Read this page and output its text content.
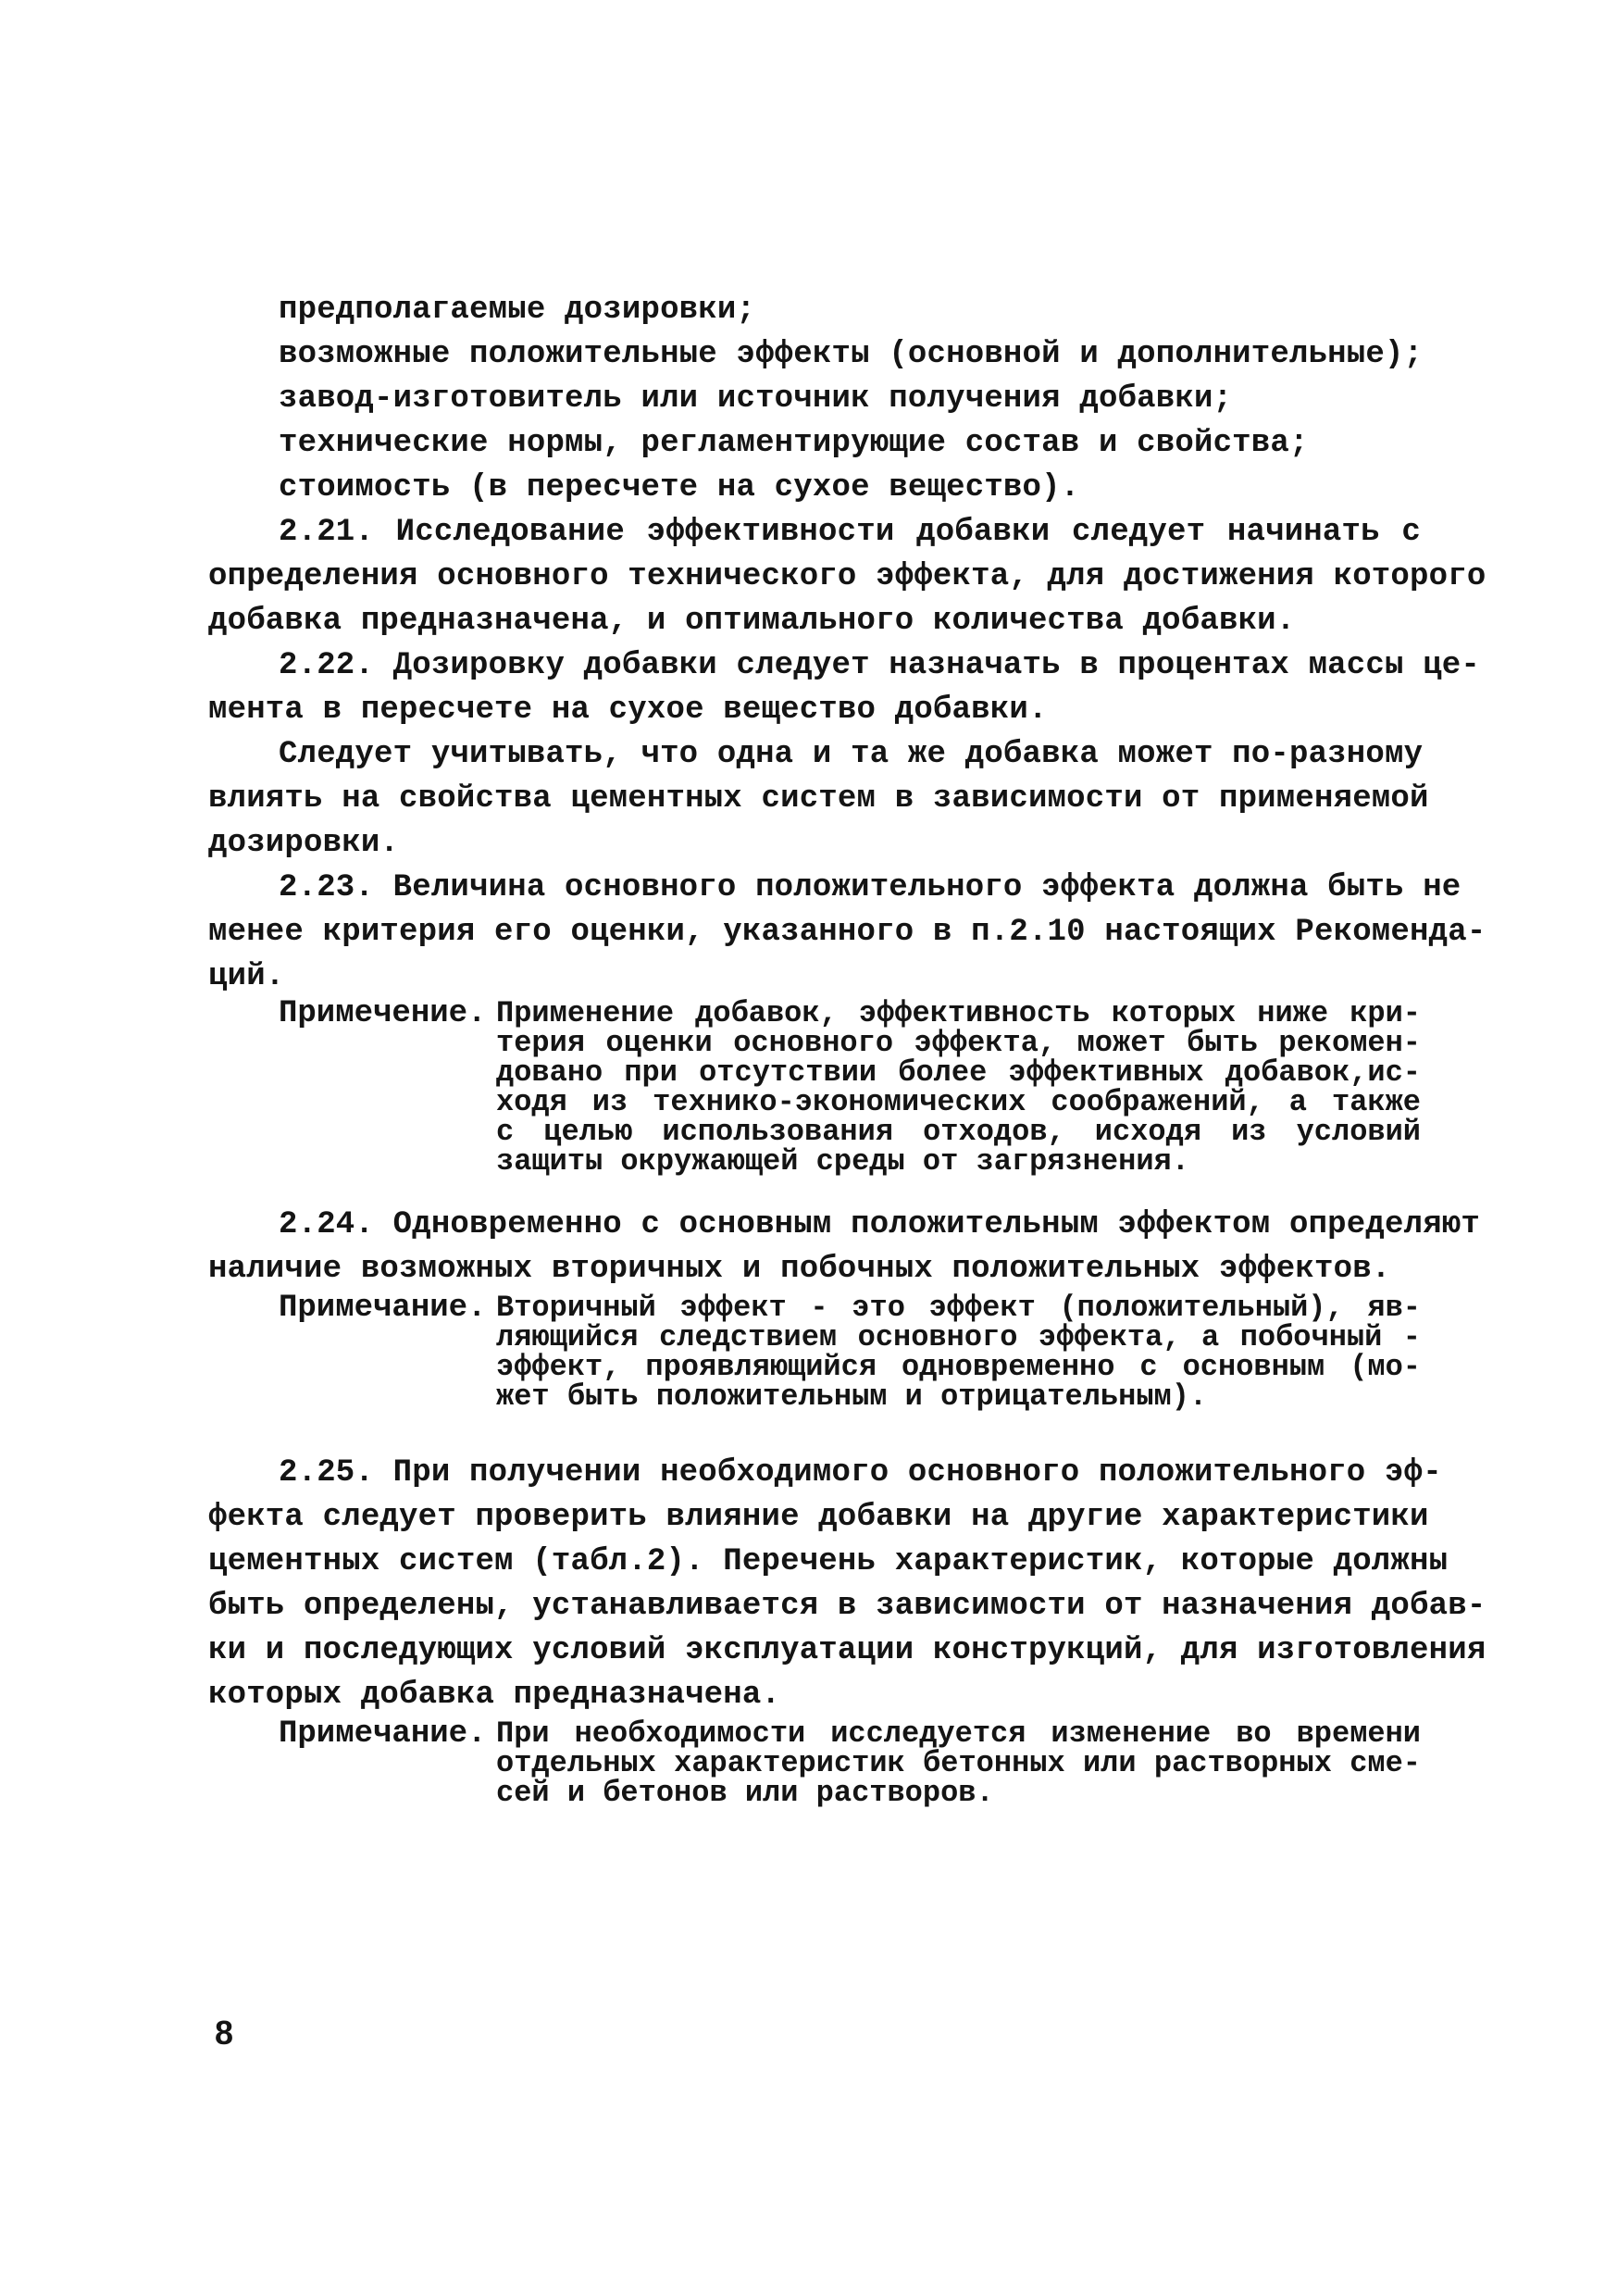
предполагаемые дозировки;
возможные положительные эффекты (основной и дополнительные);
завод-изготовитель или источник получения добавки;
технические нормы, регламентирующие состав и свойства;
стоимость (в пересчете на сухое вещество).
2.21. Исследование эффективности добавки следует начинать с
определения основного технического эффекта, для достижения которого
добавка предназначена, и оптимального количества добавки.
2.22. Дозировку добавки следует назначать в процентах массы це-
мента в пересчете на сухое вещество добавки.
Следует учитывать, что одна и та же добавка может по-разному
влиять на свойства цементных систем в зависимости от применяемой
дозировки.
2.23. Величина основного положительного эффекта должна быть не
менее критерия его оценки, указанного в п.2.10 настоящих Рекоменда-
ций.
Примечение. Применение добавок, эффективность которых ниже кри-
терия оценки основного эффекта, может быть рекомен-
довано при отсутствии более эффективных добавок,ис-
ходя из технико-экономических соображений, а также
с целью использования отходов, исходя из условий
защиты окружающей среды от загрязнения.
2.24. Одновременно с основным положительным эффектом определяют
наличие возможных вторичных и побочных положительных эффектов.
Примечание. Вторичный эффект - это эффект (положительный), яв-
ляющийся следствием основного эффекта, а побочный -
эффект, проявляющийся одновременно с основным (мо-
жет быть положительным и отрицательным).
2.25. При получении необходимого основного положительного эф-
фекта следует проверить влияние добавки на другие характеристики
цементных систем (табл.2). Перечень характеристик, которые должны
быть определены, устанавливается в зависимости от назначения добав-
ки и последующих условий эксплуатации конструкций, для изготовления
которых добавка предназначена.
Примечание. При необходимости исследуется изменение во времени
отдельных характеристик бетонных или растворных сме-
сей и бетонов или растворов.
8
